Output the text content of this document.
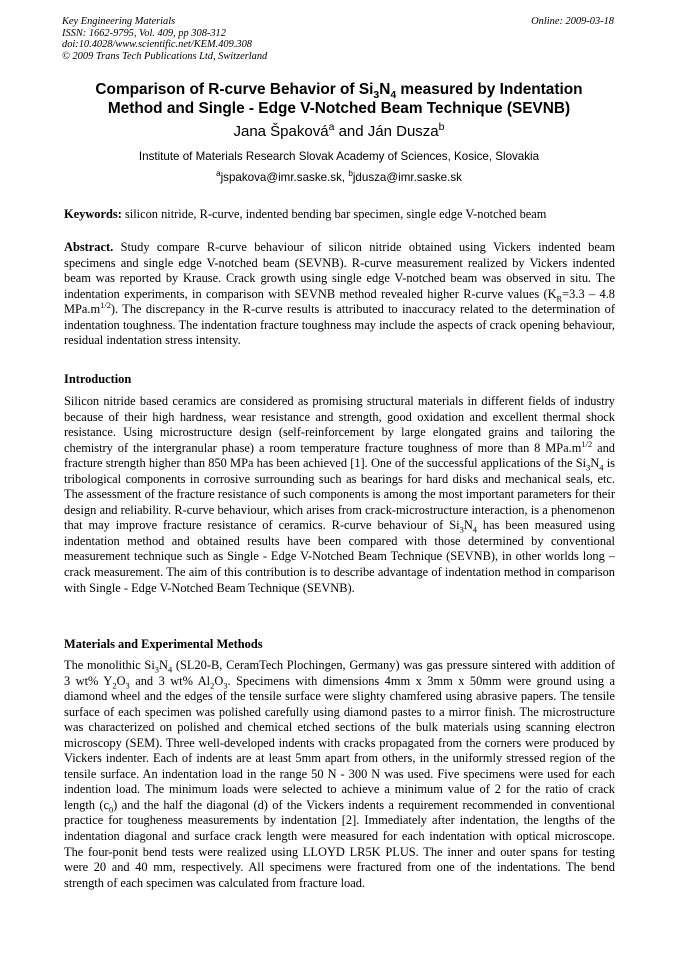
Key Engineering Materials
ISSN: 1662-9795, Vol. 409, pp 308-312
doi:10.4028/www.scientific.net/KEM.409.308
© 2009 Trans Tech Publications Ltd, Switzerland
Online: 2009-03-18
Comparison of R-curve Behavior of $Si_3N_4$ measured by Indentation
Method and Single - Edge V-Notched Beam Technique (SEVNB)
Jana Špaková$^a$ and Ján Dusza$^b$
Institute of Materials Research Slovak Academy of Sciences, Kosice, Slovakia
$^a$jspakova@imr.saske.sk, $^b$jdusza@imr.saske.sk
Keywords: silicon nitride, R-curve, indented bending bar specimen, single edge V-notched beam
Abstract. Study compare R-curve behaviour of silicon nitride obtained using Vickers indented beam specimens and single edge V-notched beam (SEVNB). R-curve measurement realized by Vickers indented beam was reported by Krause. Crack growth using single edge V-notched beam was observed in situ. The indentation experiments, in comparison with SEVNB method revealed higher R-curve values ($K_R=3.3 - 4.8$ $MPa.m^{1/2}$). The discrepancy in the R-curve results is attributed to inaccuracy related to the determination of indentation toughness. The indentation fracture toughness may include the aspects of crack opening behaviour, residual indentation stress intensity.
Introduction
Silicon nitride based ceramics are considered as promising structural materials in different fields of industry because of their high hardness, wear resistance and strength, good oxidation and excellent thermal shock resistance. Using microstructure design (self-reinforcement by large elongated grains and tailoring the chemistry of the intergranular phase) a room temperature fracture toughness of more than 8 $MPa.m^{1/2}$ and fracture strength higher than 850 MPa has been achieved [1]. One of the successful applications of the $Si_3N_4$ is tribological components in corrosive surrounding such as bearings for hard disks and mechanical seals, etc. The assessment of the fracture resistance of such components is among the most important parameters for their design and reliability. R-curve behaviour, which arises from crack-microstructure interaction, is a phenomenon that may improve fracture resistance of ceramics. R-curve behaviour of $Si_3N_4$ has been measured using indentation method and obtained results have been compared with those determined by conventional measurement technique such as Single - Edge V-Notched Beam Technique (SEVNB), in other worlds long –crack measurement. The aim of this contribution is to describe advantage of indentation method in comparison with Single - Edge V-Notched Beam Technique (SEVNB).
Materials and Experimental Methods
The monolithic $Si_3N_4$ (SL20-B, CeramTech Plochingen, Germany) was gas pressure sintered with addition of 3 wt% $Y_2O_3$ and 3 wt% $Al_2O_3$. Specimens with dimensions 4mm x 3mm x 50mm were ground using a diamond wheel and the edges of the tensile surface were slighty chamfered using abrasive papers. The tensile surface of each specimen was polished carefully using diamond pastes to a mirror finish. The microstructure was characterized on polished and chemical etched sections of the bulk materials using scanning electron microscopy (SEM). Three well-developed indents with cracks propagated from the corners were produced by Vickers indenter. Each of indents are at least 5mm apart from others, in the uniformly stressed region of the tensile surface. An indentation load in the range 50 N - 300 N was used. Five specimens were used for each indention load. The minimum loads were selected to achieve a minimum value of 2 for the ratio of crack length $(c_0)$ and the half the diagonal (d) of the Vickers indents a requirement recommended in conventional practice for tougheness measurements by indentation [2]. Immediately after indentation, the lengths of the indentation diagonal and surface crack length were measured for each indentation with optical microscope. The four-ponit bend tests were realized using LLOYD LR5K PLUS. The inner and outer spans for testing were 20 and 40 mm, respectively. All specimens were fractured from one of the indentations. The bend strength of each specimen was calculated from fracture load.
